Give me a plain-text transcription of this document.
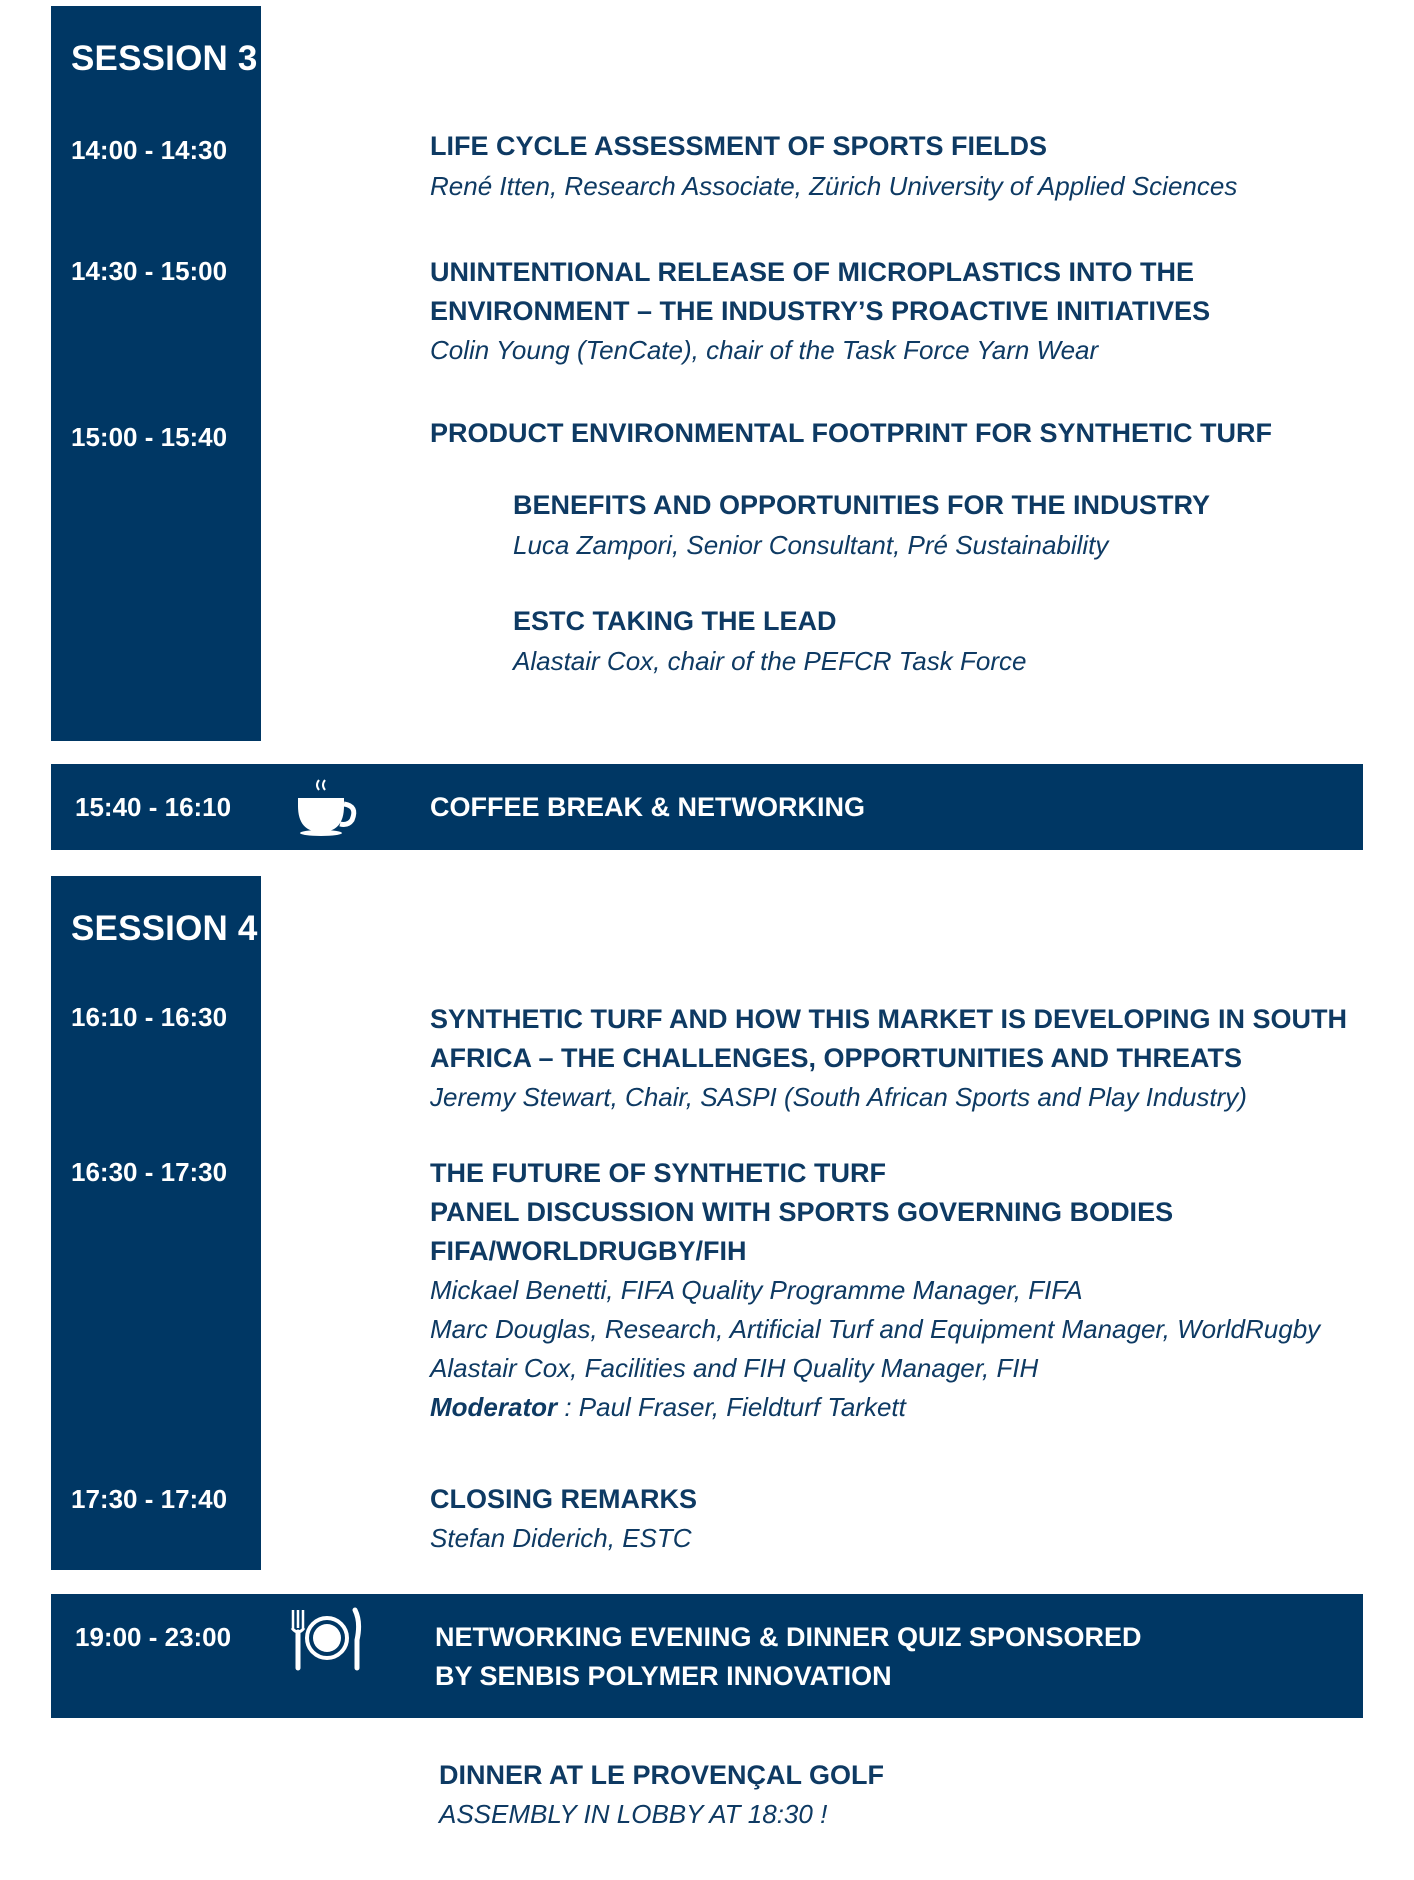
SESSION 3
14:00 - 14:30
14:30 - 15:00
15:00 - 15:40
LIFE CYCLE ASSESSMENT OF SPORTS FIELDS
René Itten, Research Associate, Zürich University of Applied Sciences
UNINTENTIONAL RELEASE OF MICROPLASTICS INTO THE
ENVIRONMENT – THE INDUSTRY’S PROACTIVE INITIATIVES
Colin Young (TenCate), chair of the Task Force Yarn Wear
PRODUCT ENVIRONMENTAL FOOTPRINT FOR SYNTHETIC TURF
BENEFITS AND OPPORTUNITIES FOR THE INDUSTRY
Luca Zampori, Senior Consultant, Pré Sustainability
ESTC TAKING THE LEAD
Alastair Cox, chair of the PEFCR Task Force
15:40 - 16:10	COFFEE BREAK & NETWORKING
SESSION 4
16:10 - 16:30
16:30 - 17:30
17:30 - 17:40
SYNTHETIC TURF AND HOW THIS MARKET IS DEVELOPING IN SOUTH
AFRICA – THE CHALLENGES, OPPORTUNITIES AND THREATS
Jeremy Stewart, Chair, SASPI (South African Sports and Play Industry)
THE FUTURE OF SYNTHETIC TURF
PANEL DISCUSSION WITH SPORTS GOVERNING BODIES
FIFA/WORLDRUGBY/FIH
Mickael Benetti, FIFA Quality Programme Manager, FIFA
Marc Douglas, Research, Artificial Turf and Equipment Manager, WorldRugby
Alastair Cox, Facilities and FIH Quality Manager, FIH
Moderator : Paul Fraser, Fieldturf Tarkett
CLOSING REMARKS
Stefan Diderich, ESTC
19:00 - 23:00	NETWORKING EVENING & DINNER QUIZ SPONSORED
BY SENBIS POLYMER INNOVATION
DINNER AT LE PROVENÇAL GOLF
ASSEMBLY IN LOBBY AT 18:30 !
